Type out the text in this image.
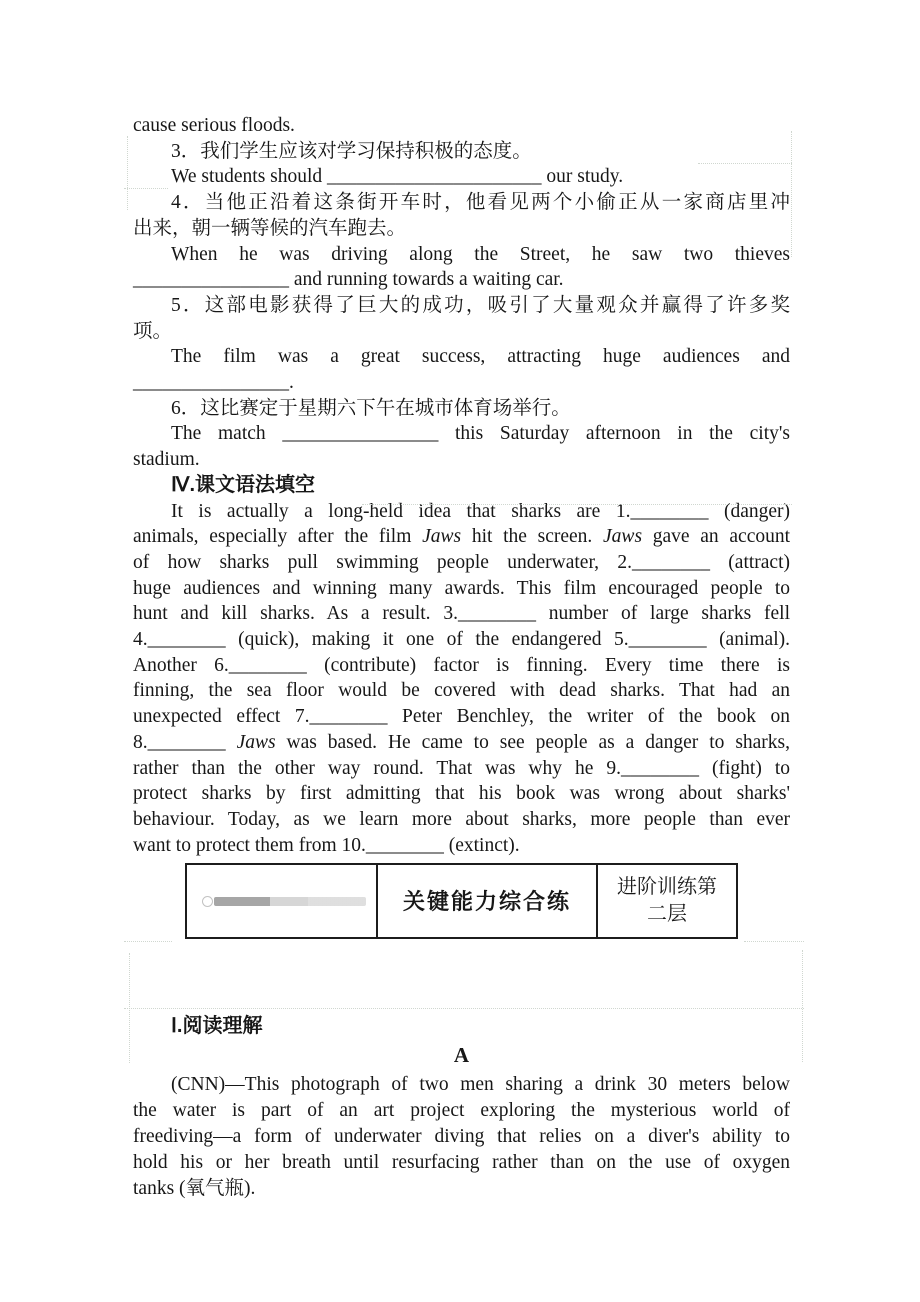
cause serious floods.
3．我们学生应该对学习保持积极的态度。
We students should ______________________ our study.
4．当他正沿着这条街开车时，他看见两个小偷正从一家商店里冲
出来，朝一辆等候的汽车跑去。
When he was driving along the Street, he saw two thieves
________________ and running towards a waiting car.
5．这部电影获得了巨大的成功，吸引了大量观众并赢得了许多奖
项。
The film was a great success, attracting huge audiences and
________________.
6．这比赛定于星期六下午在城市体育场举行。
The match ________________ this Saturday afternoon in the city's
stadium.
Ⅳ.课文语法填空
It is actually a long-held idea that sharks are 1.________ (danger)
animals, especially after the film Jaws hit the screen. Jaws gave an account
of how sharks pull swimming people underwater, 2.________ (attract)
huge audiences and winning many awards. This film encouraged people to
hunt and kill sharks. As a result. 3.________ number of large sharks fell
4.________ (quick), making it one of the endangered 5.________ (animal).
Another 6.________ (contribute) factor is finning. Every time there is
finning, the sea floor would be covered with dead sharks. That had an
unexpected effect 7.________ Peter Benchley, the writer of the book on
8.________ Jaws was based. He came to see people as a danger to sharks,
rather than the other way round. That was why he 9.________ (fight) to
protect sharks by first admitting that his book was wrong about sharks'
behaviour. Today, as we learn more about sharks, more people than ever
want to protect them from 10.________ (extinct).
关键能力综合练
进阶训练第
二层
Ⅰ.阅读理解
A
(CNN)—This photograph of two men sharing a drink 30 meters below
the water is part of an art project exploring the mysterious world of
freediving—a form of underwater diving that relies on a diver's ability to
hold his or her breath until resurfacing rather than on the use of oxygen
tanks (氧气瓶).
